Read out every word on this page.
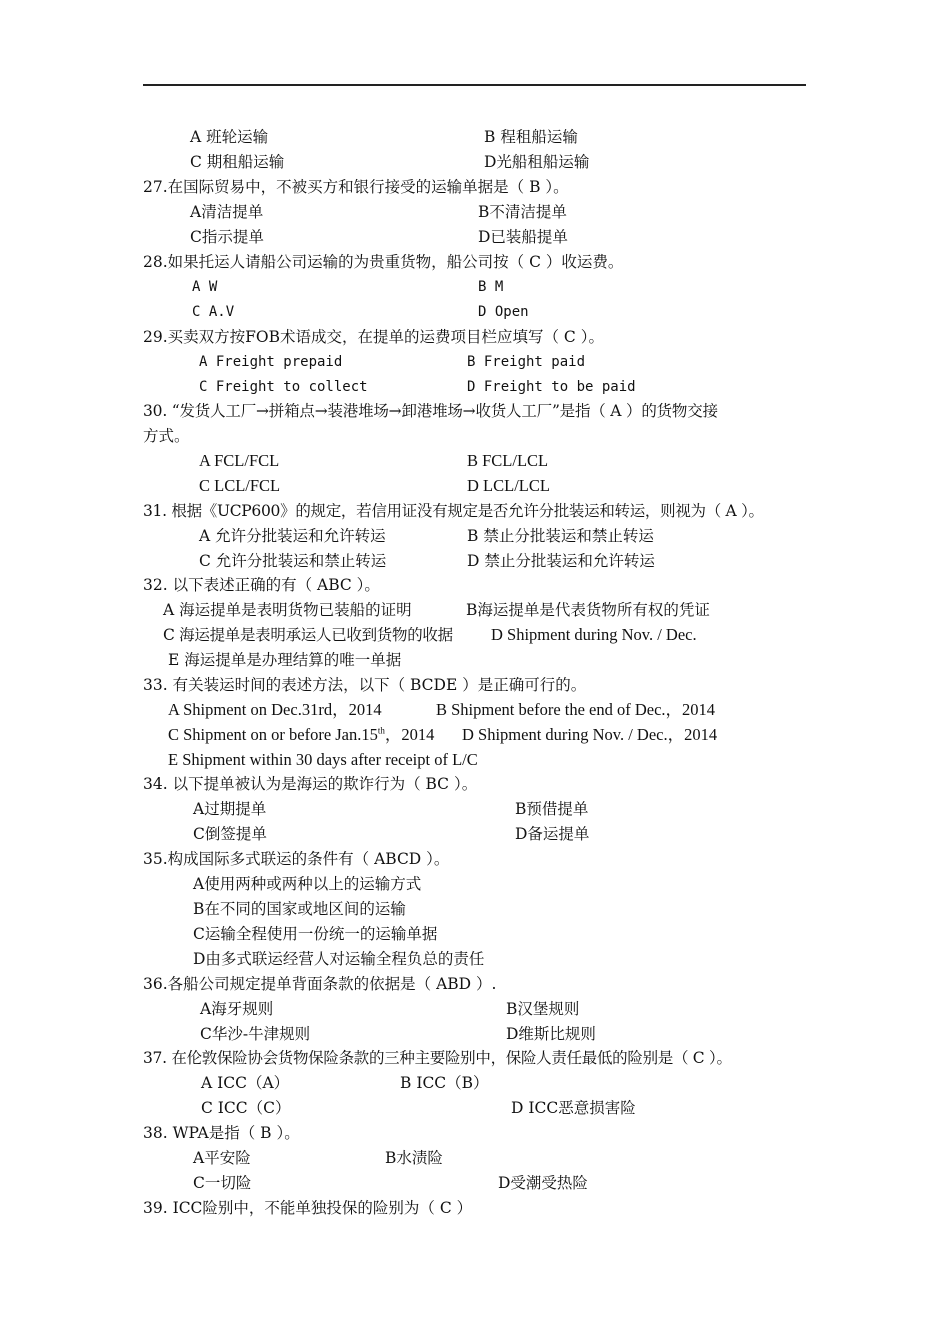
A 班轮运输	B 程租船运输
C 期租船运输	D光船租船运输
27.在国际贸易中，不被买方和银行接受的运输单据是（ B ）。
A清洁提单	B不清洁提单
C指示提单	D已装船提单
28.如果托运人请船公司运输的为贵重货物，船公司按（ C ）收运费。
A W	B M
C A.V	D Open
29.买卖双方按FOB术语成交，在提单的运费项目栏应填写（ C ）。
A Freight prepaid	B Freight paid
C Freight to collect	D Freight to be paid
30. “发货人工厂→拼箱点→装港堆场→卸港堆场→收货人工厂”是指（ A ）的货物交接
方式。
A FCL/FCL	B FCL/LCL
C LCL/FCL	D LCL/LCL
31. 根据《UCP600》的规定，若信用证没有规定是否允许分批装运和转运，则视为（ A ）。
A 允许分批装运和允许转运	B 禁止分批装运和禁止转运
C 允许分批装运和禁止转运	D 禁止分批装运和允许转运
32. 以下表述正确的有（ ABC ）。
A 海运提单是表明货物已装船的证明	B海运提单是代表货物所有权的凭证
C 海运提单是表明承运人已收到货物的收据 D Shipment during Nov. / Dec.
E 海运提单是办理结算的唯一单据
33. 有关装运时间的表述方法，以下（ BCDE ）是正确可行的。
A Shipment on Dec.31rd，2014	B Shipment before the end of Dec.，2014
C Shipment on or before Jan.15th，2014 D Shipment during Nov. / Dec.，2014
E Shipment within 30 days after receipt of L/C
34. 以下提单被认为是海运的欺诈行为（ BC ）。
A过期提单	B预借提单
C倒签提单	D备运提单
35.构成国际多式联运的条件有（ ABCD ）。
A使用两种或两种以上的运输方式
B在不同的国家或地区间的运输
C运输全程使用一份统一的运输单据
D由多式联运经营人对运输全程负总的责任
36.各船公司规定提单背面条款的依据是（ ABD ）.
A海牙规则	B汉堡规则
C华沙-牛津规则	D维斯比规则
37. 在伦敦保险协会货物保险条款的三种主要险别中，保险人责任最低的险别是（ C ）。
A ICC（A）	B ICC（B）
C ICC（C）	D ICC恶意损害险
38. WPA是指（ B ）。
A平安险	B水渍险
C一切险	D受潮受热险
39. ICC险别中，不能单独投保的险别为（ C ）
